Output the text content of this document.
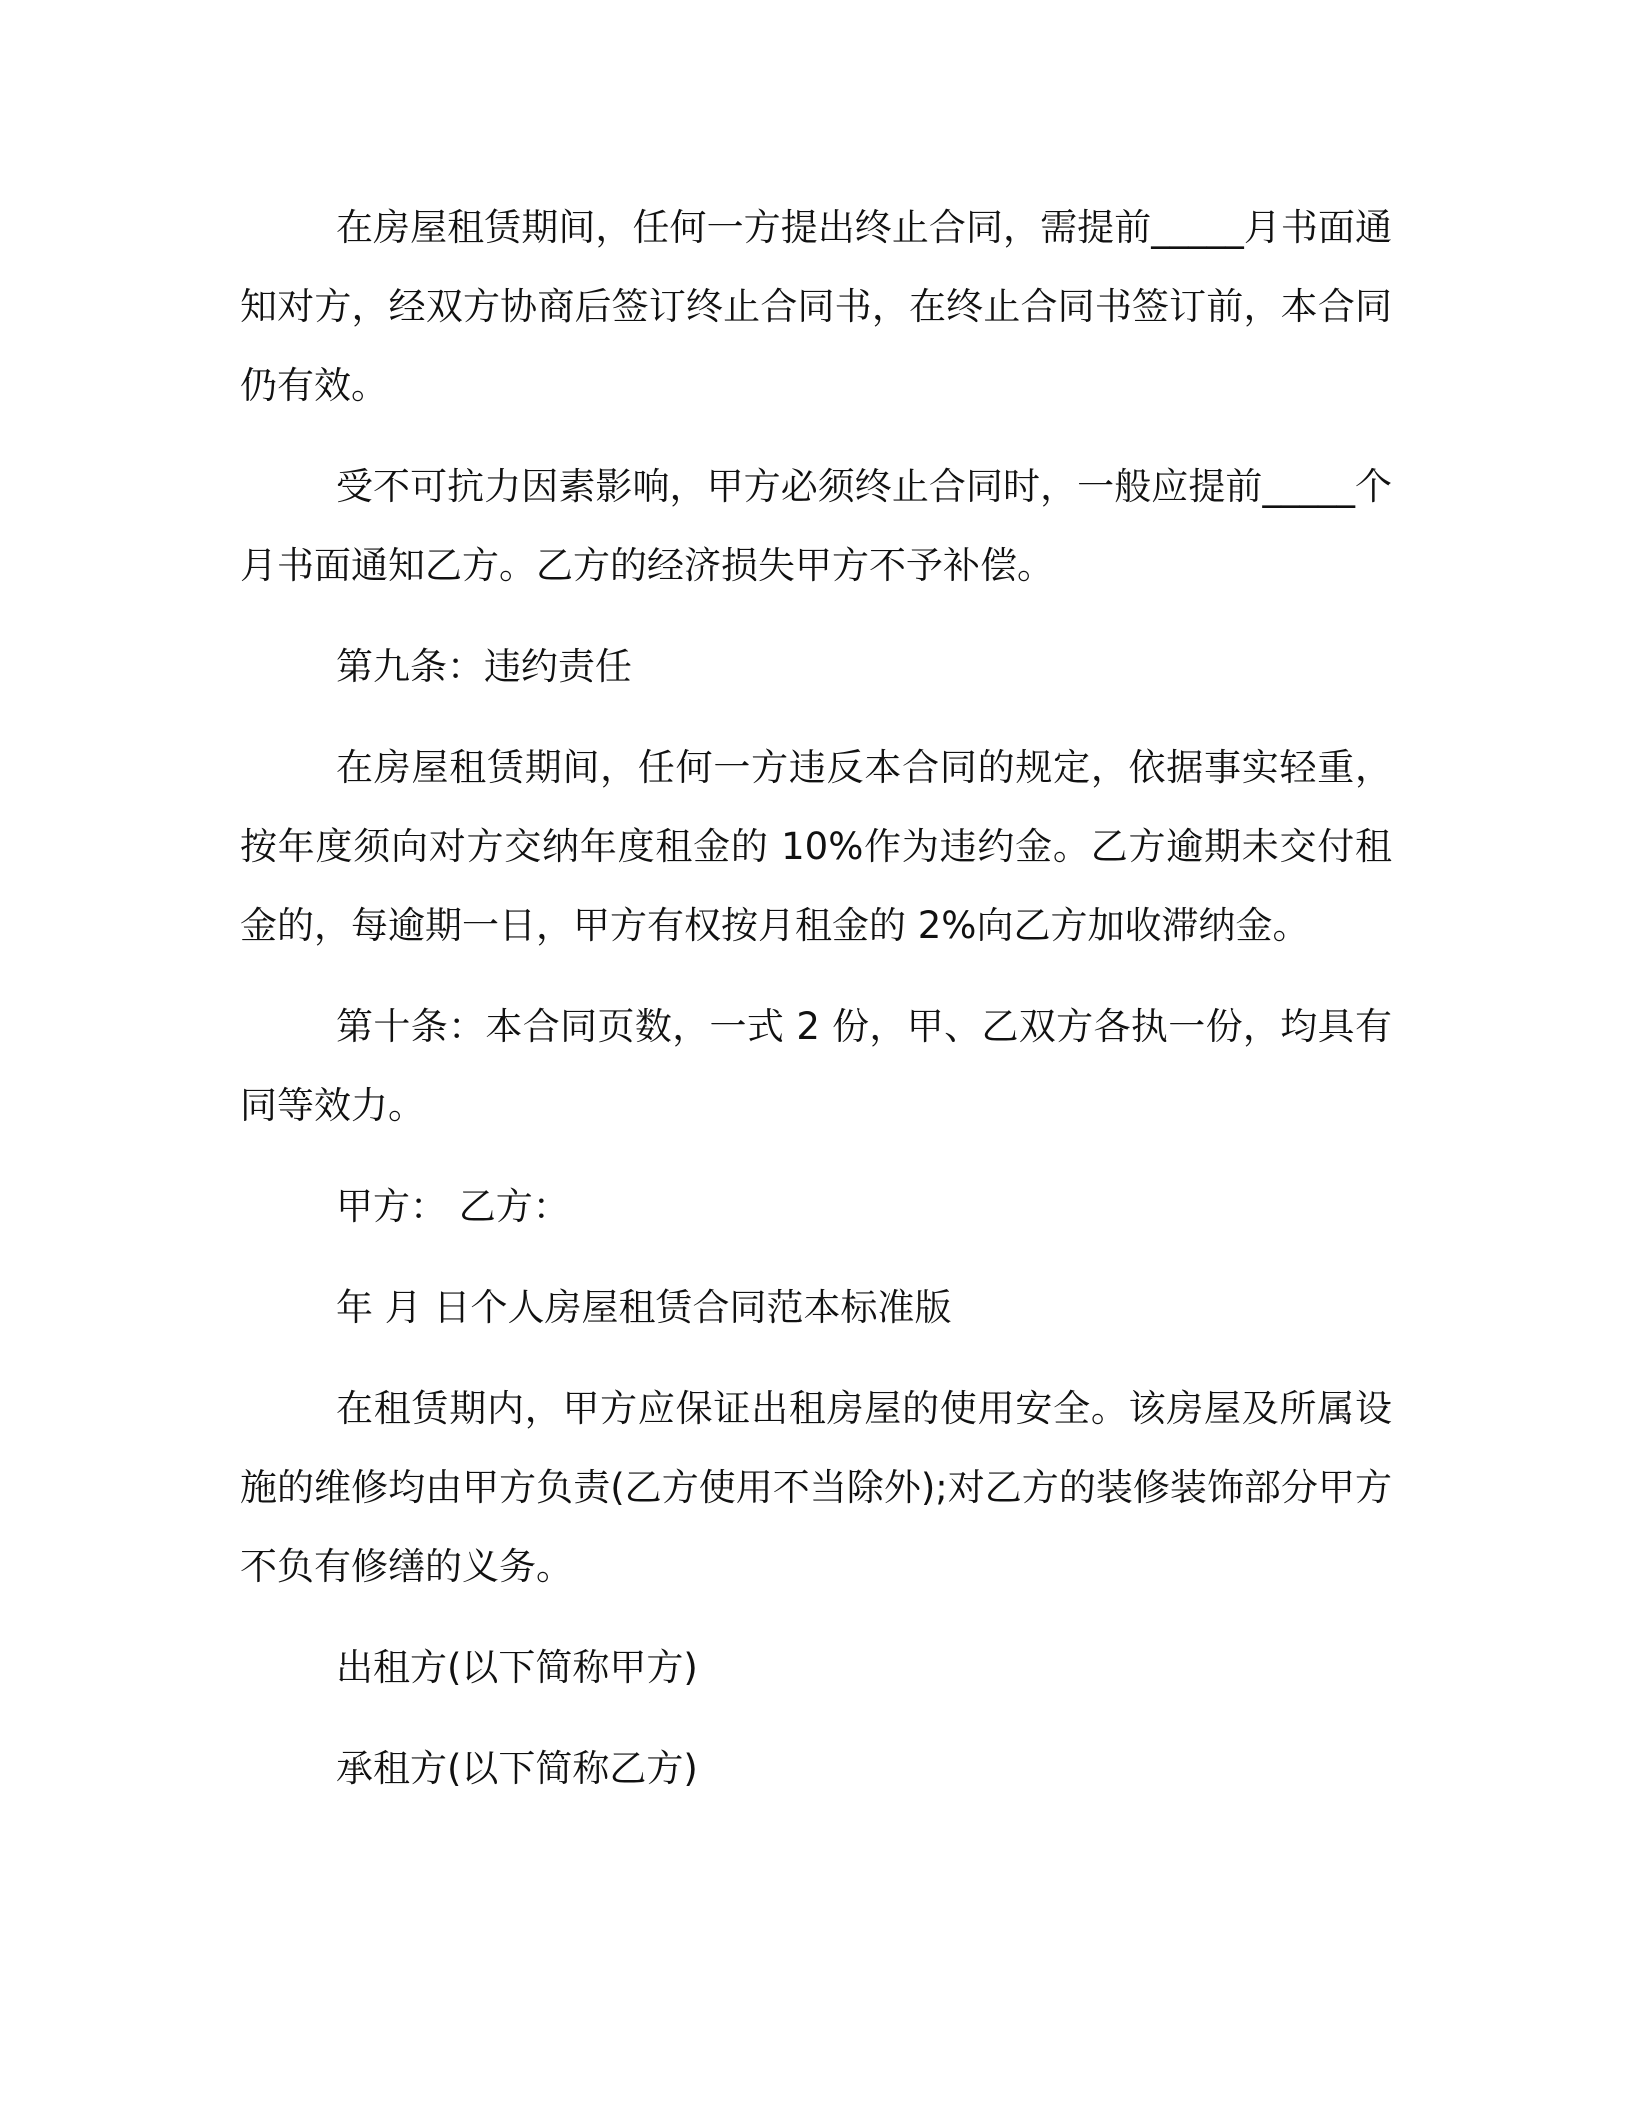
在房屋租赁期间，任何一方提出终止合同，需提前_____月书面通知对方，经双方协商后签订终止合同书，在终止合同书签订前，本合同仍有效。

受不可抗力因素影响，甲方必须终止合同时，一般应提前_____个月书面通知乙方。乙方的经济损失甲方不予补偿。

第九条：违约责任

在房屋租赁期间，任何一方违反本合同的规定，依据事实轻重，按年度须向对方交纳年度租金的 10%作为违约金。乙方逾期未交付租金的，每逾期一日，甲方有权按月租金的 2%向乙方加收滞纳金。

第十条：本合同页数，一式 2 份，甲、乙双方各执一份，均具有同等效力。

甲方： 乙方：

年 月 日个人房屋租赁合同范本标准版

在租赁期内，甲方应保证出租房屋的使用安全。该房屋及所属设施的维修均由甲方负责(乙方使用不当除外);对乙方的装修装饰部分甲方不负有修缮的义务。

出租方(以下简称甲方)

承租方(以下简称乙方)
